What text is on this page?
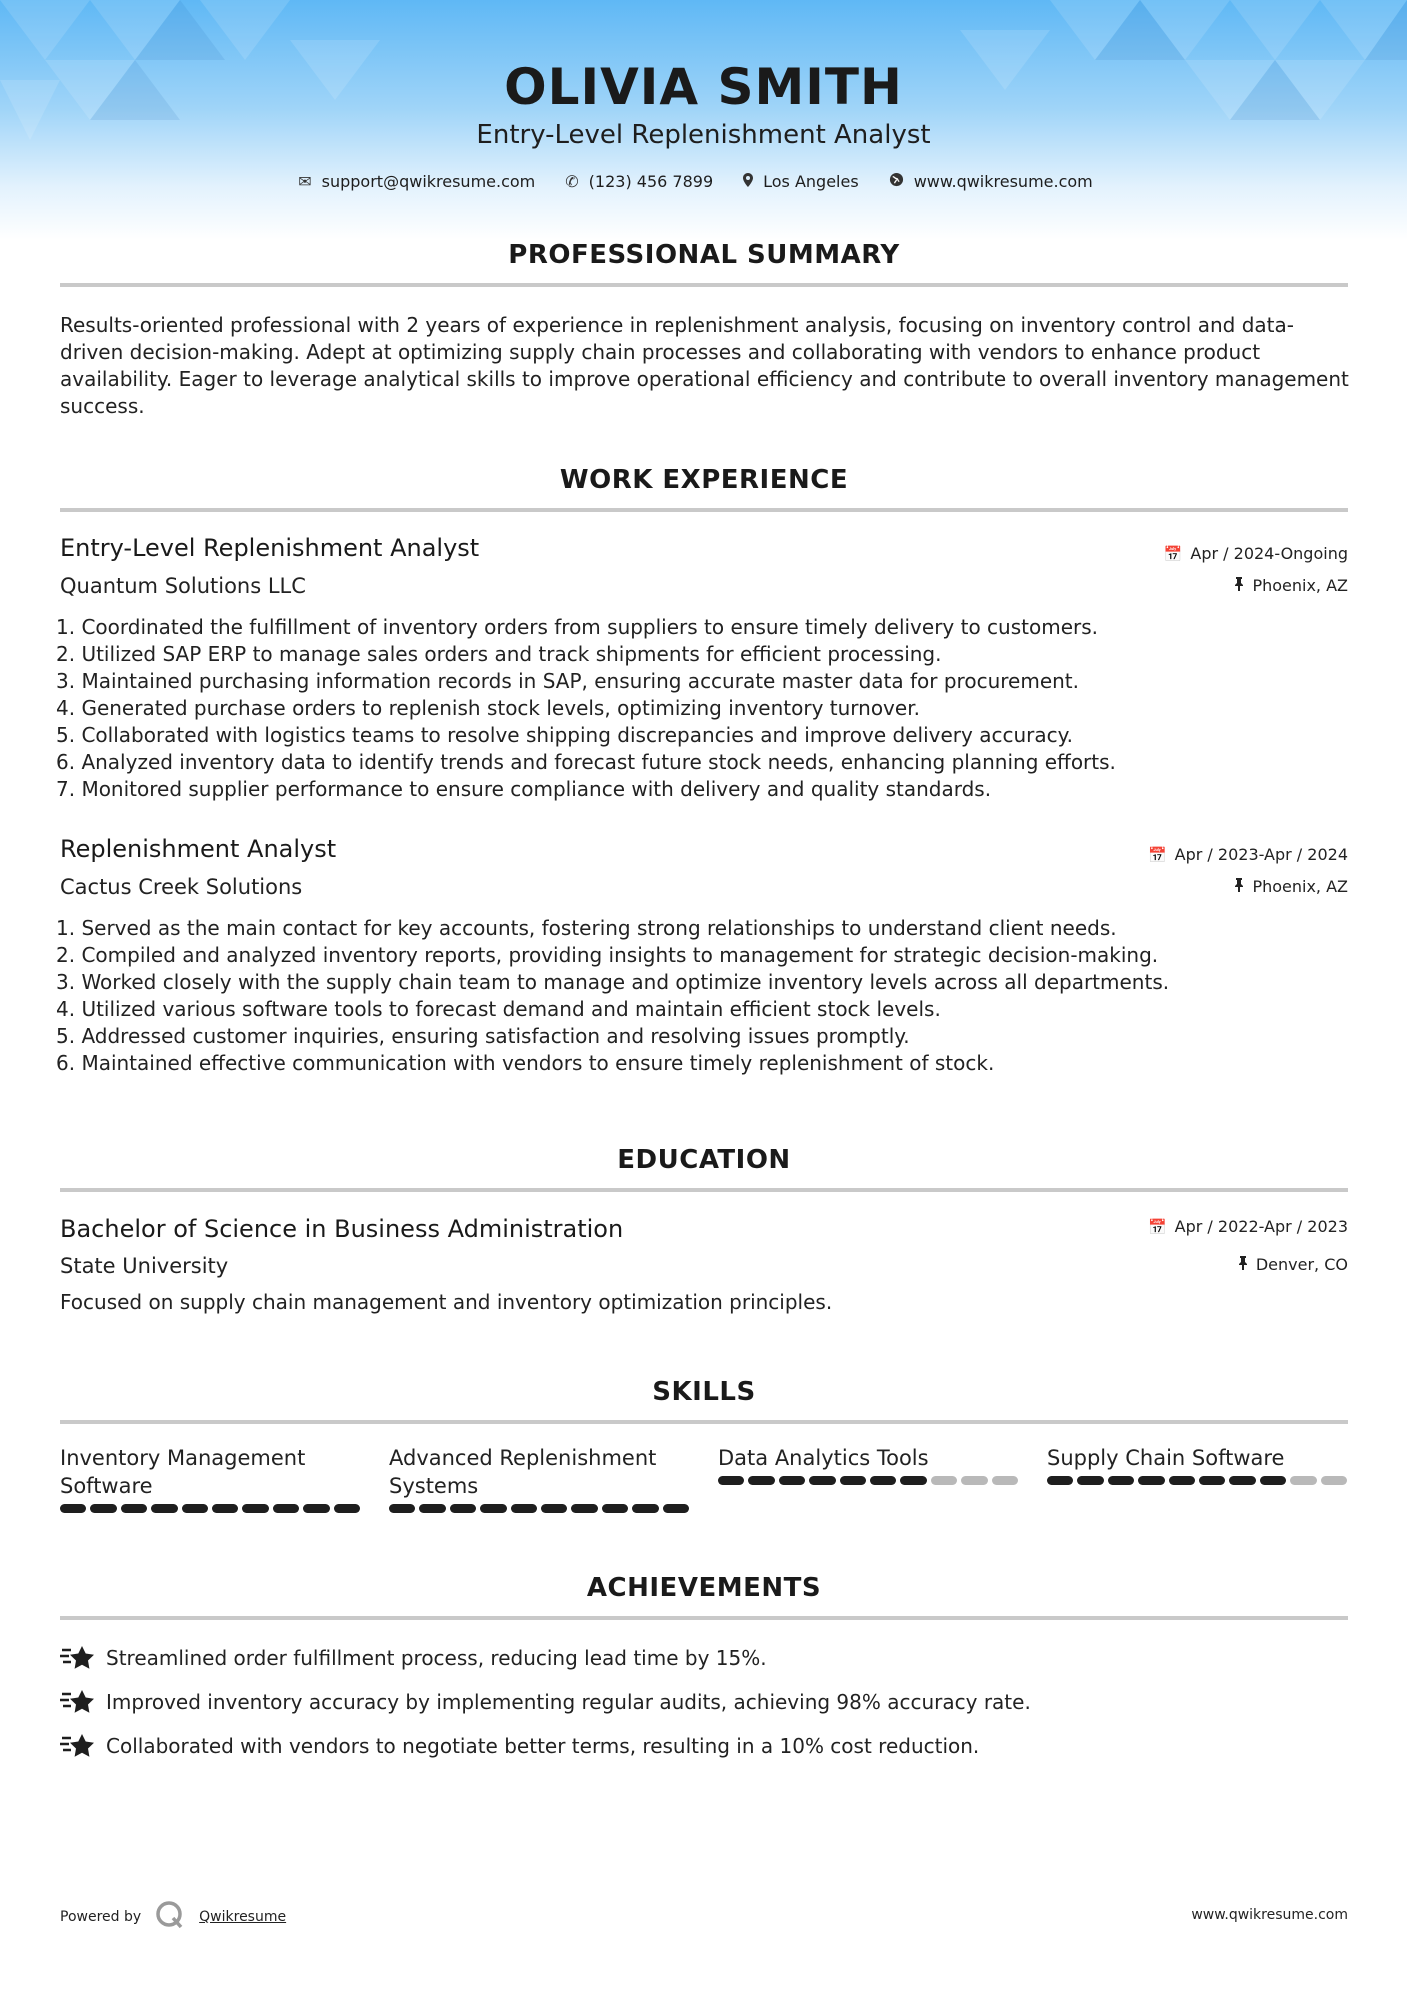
OLIVIA SMITH
Entry-Level Replenishment Analyst
✉ support@qwikresume.com ✆ (123) 456 7899	Los Angeles	www.qwikresume.com
PROFESSIONAL SUMMARY
Results-oriented professional with 2 years of experience in replenishment analysis, focusing on inventory control and data-driven decision-making. Adept at optimizing supply chain processes and collaborating with vendors to enhance product availability. Eager to leverage analytical skills to improve operational efficiency and contribute to overall inventory management success.
WORK EXPERIENCE
Entry-Level Replenishment Analyst	📅 Apr / 2024-Ongoing
Quantum Solutions LLC	Phoenix, AZ
1. Coordinated the fulfillment of inventory orders from suppliers to ensure timely delivery to customers.
2. Utilized SAP ERP to manage sales orders and track shipments for efficient processing.
3. Maintained purchasing information records in SAP, ensuring accurate master data for procurement.
4. Generated purchase orders to replenish stock levels, optimizing inventory turnover.
5. Collaborated with logistics teams to resolve shipping discrepancies and improve delivery accuracy.
6. Analyzed inventory data to identify trends and forecast future stock needs, enhancing planning efforts.
7. Monitored supplier performance to ensure compliance with delivery and quality standards.
Replenishment Analyst	📅 Apr / 2023-Apr / 2024
Cactus Creek Solutions	Phoenix, AZ
1. Served as the main contact for key accounts, fostering strong relationships to understand client needs.
2. Compiled and analyzed inventory reports, providing insights to management for strategic decision-making.
3. Worked closely with the supply chain team to manage and optimize inventory levels across all departments.
4. Utilized various software tools to forecast demand and maintain efficient stock levels.
5. Addressed customer inquiries, ensuring satisfaction and resolving issues promptly.
6. Maintained effective communication with vendors to ensure timely replenishment of stock.
EDUCATION
Bachelor of Science in Business Administration	📅 Apr / 2022-Apr / 2023
State University	Denver, CO
Focused on supply chain management and inventory optimization principles.
SKILLS
Inventory Management Software
Advanced Replenishment Systems
Data Analytics Tools	Supply Chain Software
ACHIEVEMENTS
Streamlined order fulfillment process, reducing lead time by 15%.
Improved inventory accuracy by implementing regular audits, achieving 98% accuracy rate.
Collaborated with vendors to negotiate better terms, resulting in a 10% cost reduction.
Powered by	Qwikresume	www.qwikresume.com
